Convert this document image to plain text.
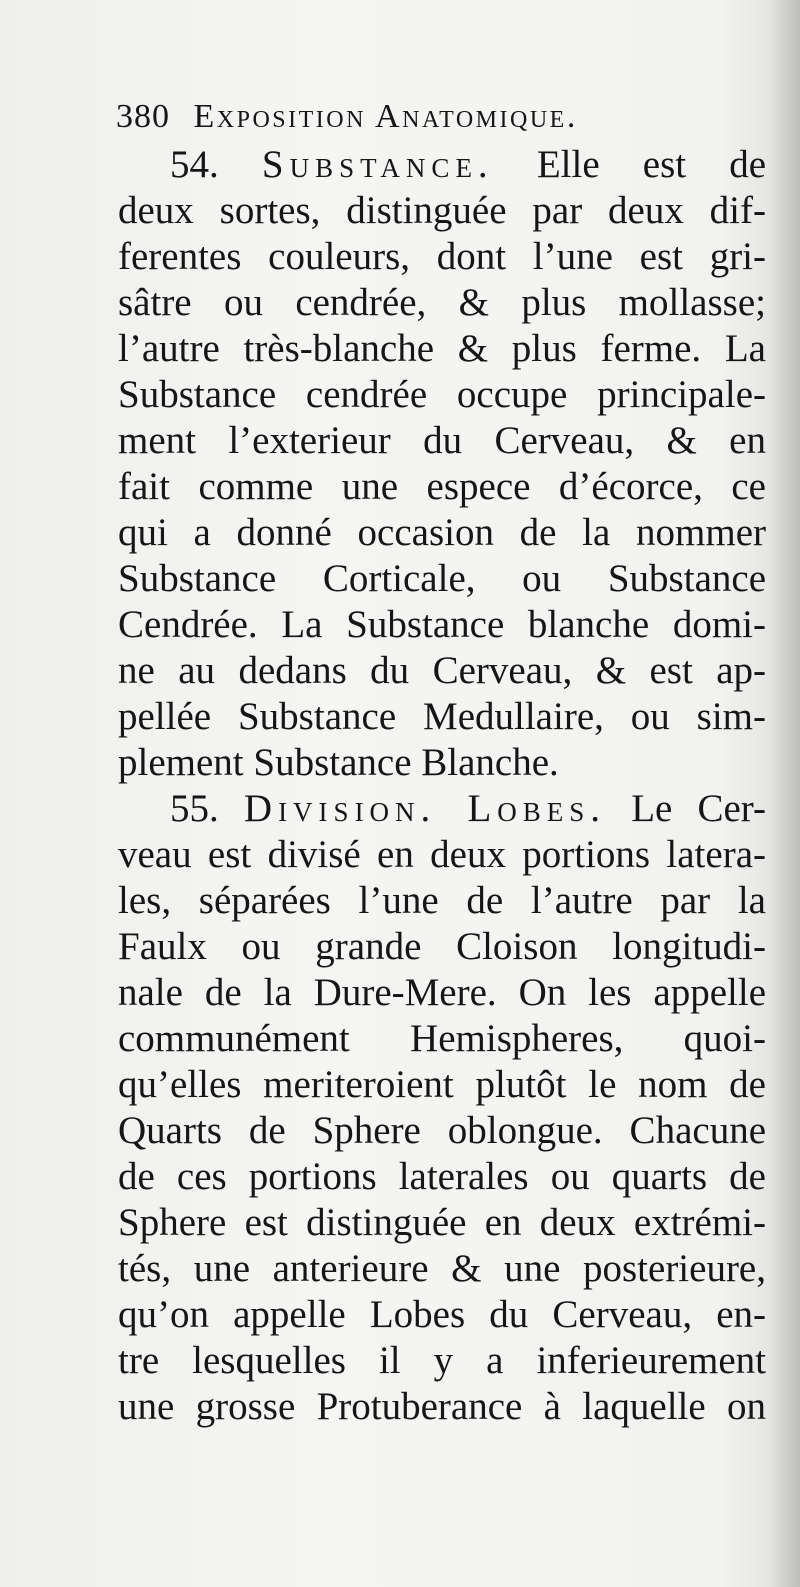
380 Exposition Anatomique.
54. Substance. Elle est de
deux sortes, distinguée par deux dif-
ferentes couleurs, dont l’une est gri-
sâtre ou cendrée, & plus mollasse;
l’autre très-blanche & plus ferme. La
Substance cendrée occupe principale-
ment l’exterieur du Cerveau, & en
fait comme une espece d’écorce, ce
qui a donné occasion de la nommer
Substance Corticale, ou Substance
Cendrée. La Substance blanche domi-
ne au dedans du Cerveau, & est ap-
pellée Substance Medullaire, ou sim-
plement Substance Blanche.
55. Division. Lobes. Le Cer-
veau est divisé en deux portions latera-
les, séparées l’une de l’autre par la
Faulx ou grande Cloison longitudi-
nale de la Dure-Mere. On les appelle
communément Hemispheres, quoi-
qu’elles meriteroient plutôt le nom de
Quarts de Sphere oblongue. Chacune
de ces portions laterales ou quarts de
Sphere est distinguée en deux extrémi-
tés, une anterieure & une posterieure,
qu’on appelle Lobes du Cerveau, en-
tre lesquelles il y a inferieurement
une grosse Protuberance à laquelle on
